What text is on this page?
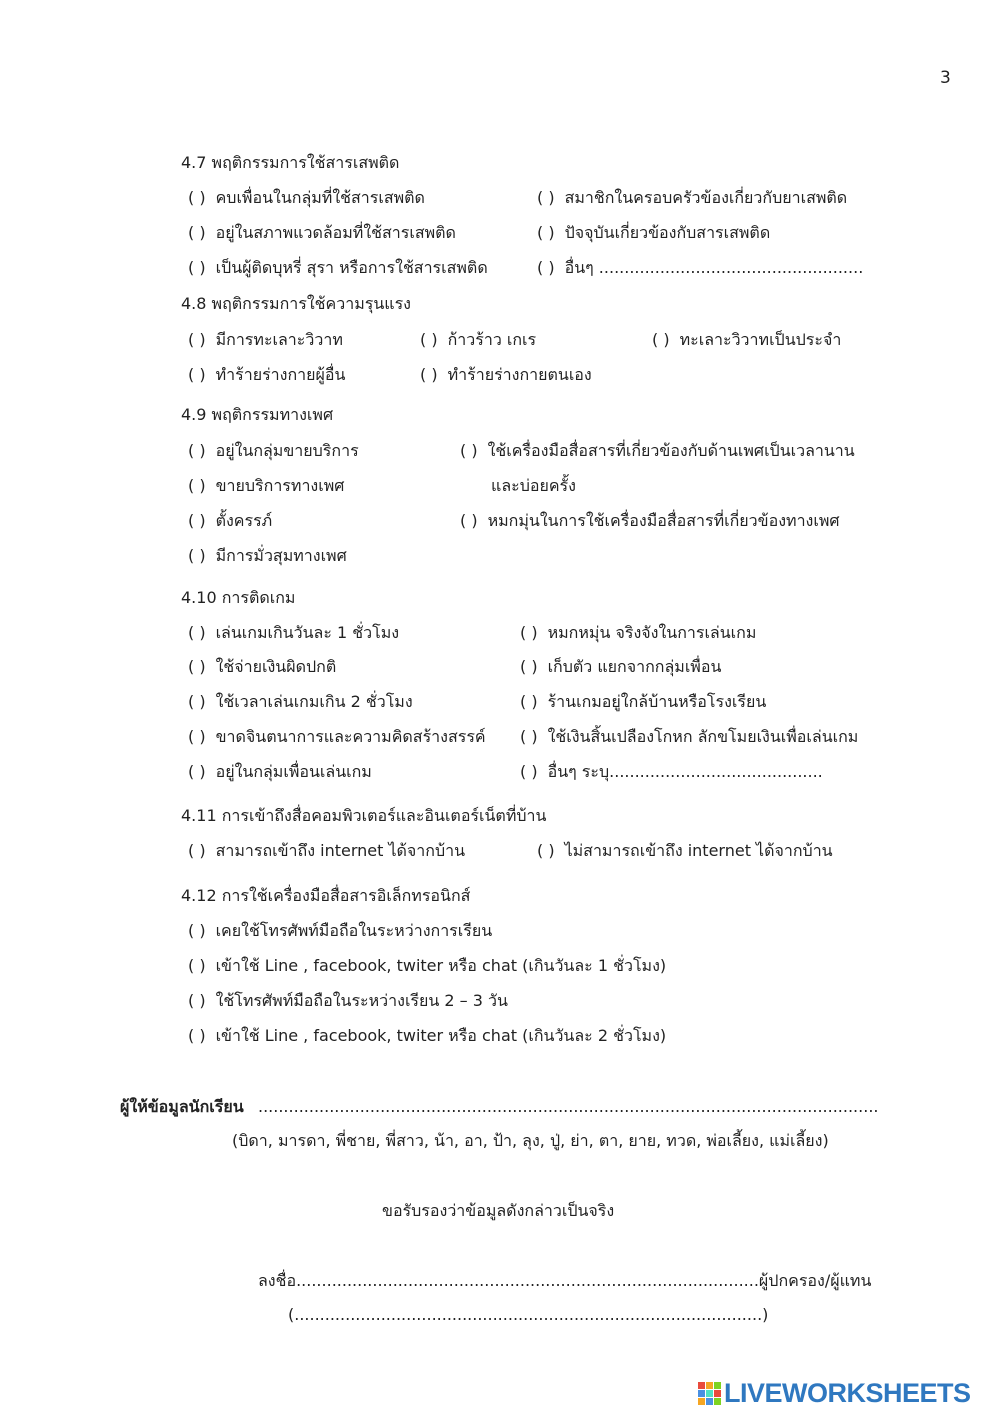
3
4.7 พฤติกรรมการใช้สารเสพติด
( ) คบเพื่อนในกลุ่มที่ใช้สารเสพติด	( ) สมาชิกในครอบครัวข้องเกี่ยวกับยาเสพติด
( ) อยู่ในสภาพแวดล้อมที่ใช้สารเสพติด	( ) ปัจจุบันเกี่ยวข้องกับสารเสพติด
( ) เป็นผู้ติดบุหรี่ สุรา หรือการใช้สารเสพติด	( ) อื่นๆ ....................................................
4.8 พฤติกรรมการใช้ความรุนแรง
( ) มีการทะเลาะวิวาท	( ) ก้าวร้าว เกเร	( ) ทะเลาะวิวาทเป็นประจำ
( ) ทำร้ายร่างกายผู้อื่น	( ) ทำร้ายร่างกายตนเอง
4.9 พฤติกรรมทางเพศ
( ) อยู่ในกลุ่มขายบริการ	( ) ใช้เครื่องมือสื่อสารที่เกี่ยวข้องกับด้านเพศเป็นเวลานาน
( ) ขายบริการทางเพศ	และบ่อยครั้ง
( ) ตั้งครรภ์	( ) หมกมุ่นในการใช้เครื่องมือสื่อสารที่เกี่ยวข้องทางเพศ
( ) มีการมั่วสุมทางเพศ
4.10 การติดเกม
( ) เล่นเกมเกินวันละ 1 ชั่วโมง	( ) หมกหมุ่น จริงจังในการเล่นเกม
( ) ใช้จ่ายเงินผิดปกติ	( ) เก็บตัว แยกจากกลุ่มเพื่อน
( ) ใช้เวลาเล่นเกมเกิน 2 ชั่วโมง	( ) ร้านเกมอยู่ใกล้บ้านหรือโรงเรียน
( ) ขาดจินตนาการและความคิดสร้างสรรค์ ( ) ใช้เงินสิ้นเปลืองโกหก ลักขโมยเงินเพื่อเล่นเกม
( ) อยู่ในกลุ่มเพื่อนเล่นเกม	( ) อื่นๆ ระบุ..........................................
4.11 การเข้าถึงสื่อคอมพิวเตอร์และอินเตอร์เน็ตที่บ้าน
( ) สามารถเข้าถึง internet ได้จากบ้าน	( ) ไม่สามารถเข้าถึง internet ได้จากบ้าน
4.12 การใช้เครื่องมือสื่อสารอิเล็กทรอนิกส์
( ) เคยใช้โทรศัพท์มือถือในระหว่างการเรียน
( ) เข้าใช้ Line , facebook, twiter หรือ chat (เกินวันละ 1 ชั่วโมง)
( ) ใช้โทรศัพท์มือถือในระหว่างเรียน 2 – 3 วัน
( ) เข้าใช้ Line , facebook, twiter หรือ chat (เกินวันละ 2 ชั่วโมง)
ผู้ให้ข้อมูลนักเรียน ..........................................................................................................................
(บิดา, มารดา, พี่ชาย, พี่สาว, น้า, อา, ป้า, ลุง, ปู่, ย่า, ตา, ยาย, ทวด, พ่อเลี้ยง, แม่เลี้ยง)
ขอรับรองว่าข้อมูลดังกล่าวเป็นจริง
ลงชื่อ...........................................................................................ผู้ปกครอง/ผู้แทน
(............................................................................................)
LIVEWORKSHEETS
